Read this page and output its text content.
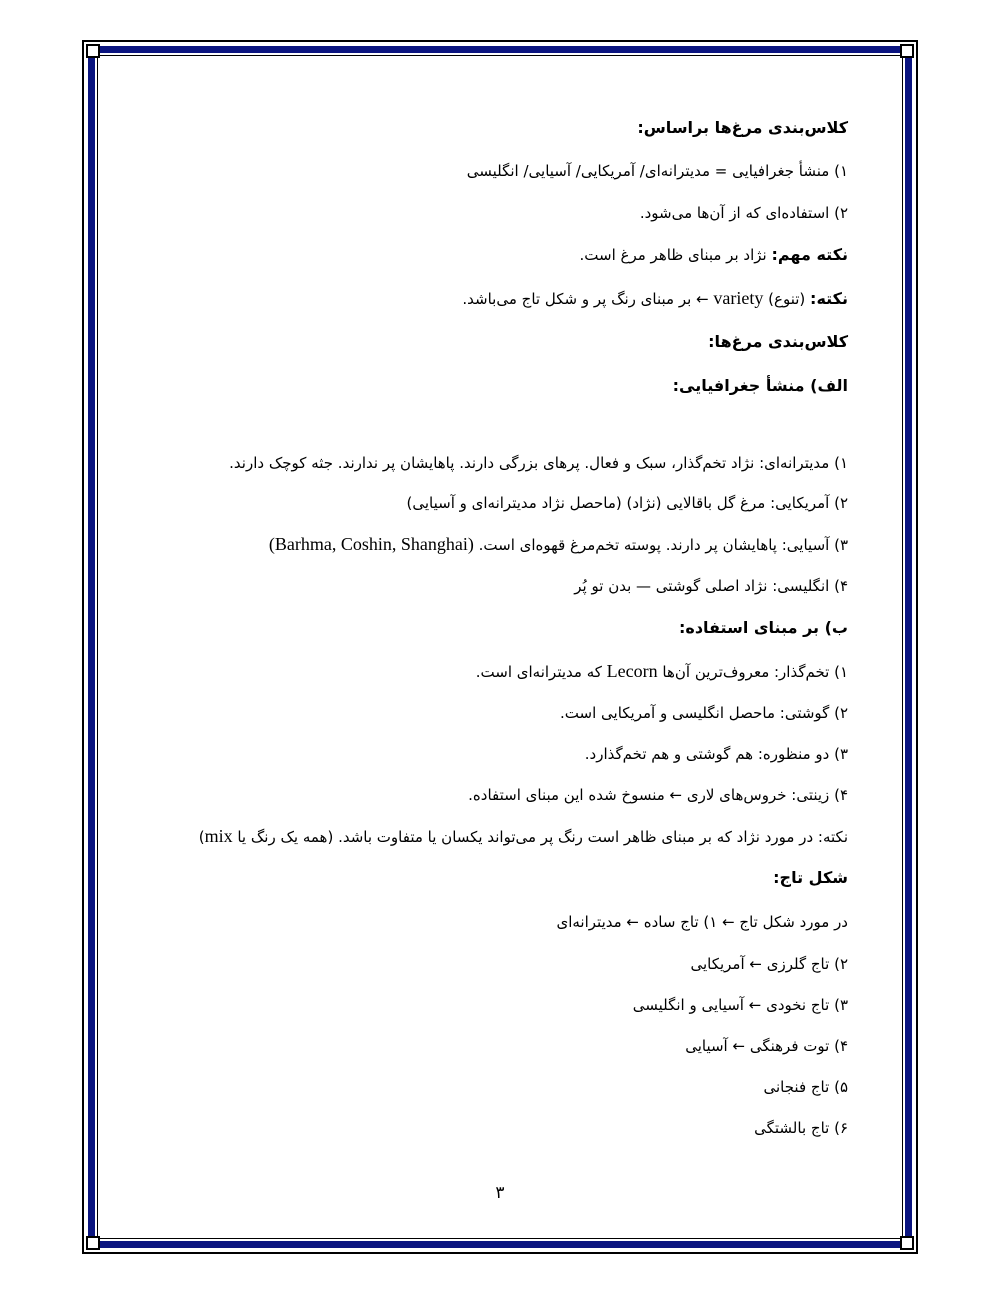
کلاس‌بندی مرغ‌ها براساس:
۱) منشأ جغرافیایی = مدیترانه‌ای/ آمریکایی/ آسیایی/ انگلیسی
۲) استفاده‌ای که از آن‌ها می‌شود.
نکته مهم: نژاد بر مبنای ظاهر مرغ است.
نکته: (تنوع) variety ← بر مبنای رنگ پر و شکل تاج می‌باشد.
کلاس‌بندی مرغ‌ها:
الف) منشأ جغرافیایی:
۱) مدیترانه‌ای: نژاد تخم‌گذار، سبک و فعال. پرهای بزرگی دارند. پاهایشان پر ندارند. جثه کوچک دارند.
۲) آمریکایی: مرغ گل باقالایی (نژاد) (ماحصل نژاد مدیترانه‌ای و آسیایی)
۳) آسیایی: پاهایشان پر دارند. پوسته تخم‌مرغ قهوه‌ای است. (Barhma, Coshin, Shanghai)
۴) انگلیسی: نژاد اصلی گوشتی — بدن تو پُر
ب) بر مبنای استفاده:
۱) تخم‌گذار: معروف‌ترین آن‌ها Lecorn که مدیترانه‌ای است.
۲) گوشتی: ماحصل انگلیسی و آمریکایی است.
۳) دو منظوره: هم گوشتی و هم تخم‌گذارد.
۴) زینتی: خروس‌های لاری ← منسوخ شده این مبنای استفاده.
نکته: در مورد نژاد که بر مبنای ظاهر است رنگ پر می‌تواند یکسان یا متفاوت باشد. (همه یک رنگ یا mix)
شکل تاج:
در مورد شکل تاج ← ۱) تاج ساده ← مدیترانه‌ای
۲) تاج گلرزی ← آمریکایی
۳) تاج نخودی ← آسیایی و انگلیسی
۴) توت فرهنگی ← آسیایی
۵) تاج فنجانی
۶) تاج بالشتگی
۳
